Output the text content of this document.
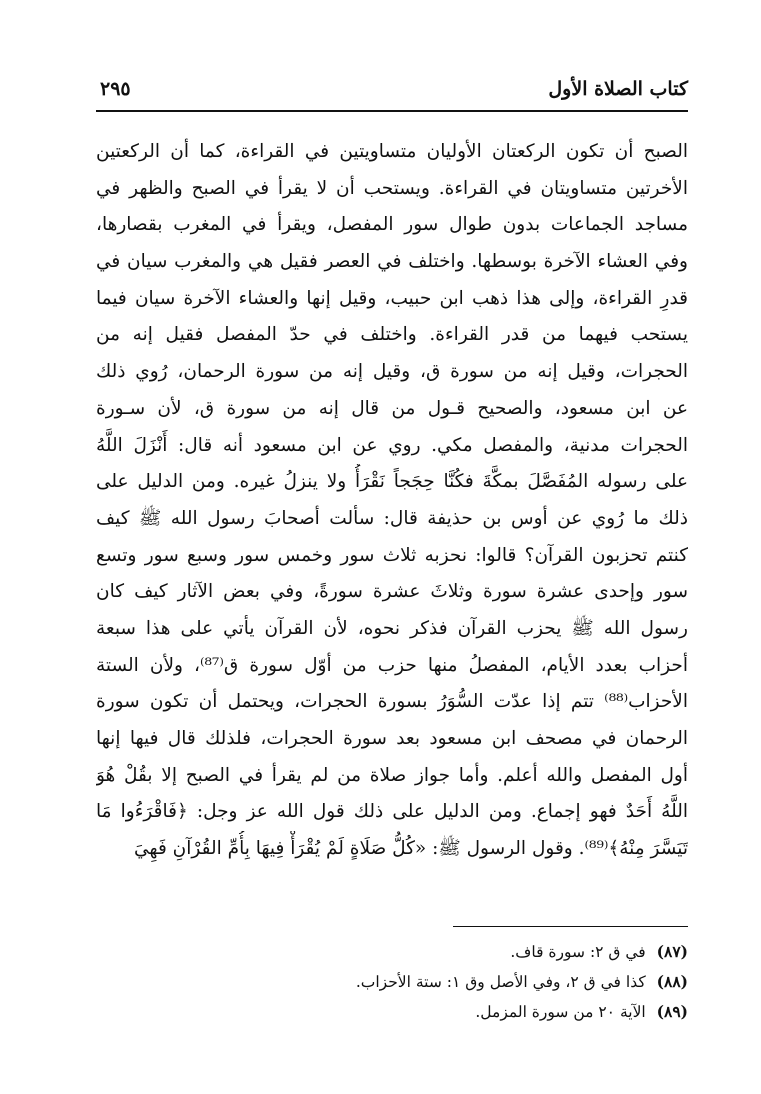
كتاب الصلاة الأول
٢٩٥
الصبح أن تكون الركعتان الأوليان متساويتين في القراءة، كما أن الركعتين
الأخرتين متساويتان في القراءة. ويستحب أن لا يقرأ في الصبح والظهر في
مساجد الجماعات بدون طوال سور المفصل، ويقرأ في المغرب بقصارها،
وفي العشاء الآخرة بوسطها. واختلف في العصر فقيل هي والمغرب سيان في
قدرِ القراءة، وإلى هذا ذهب ابن حبيب، وقيل إنها والعشاء الآخرة سيان فيما
يستحب فيهما من قدر القراءة. واختلف في حدّ المفصل فقيل إنه من
الحجرات، وقيل إنه من سورة ق، وقيل إنه من سورة الرحمان، رُوي ذلك
عن ابن مسعود، والصحيح قـول من قال إنه من سورة ق، لأن سـورة
الحجرات مدنية، والمفصل مكي. روي عن ابن مسعود أنه قال: أَنْزَلَ اللَّهُ
على رسوله المُفَصَّلَ بمكَّةَ فكُنَّا حِجَجاً نَقْرَأُ ولا ينزلُ غيره. ومن الدليل على
ذلك ما رُوي عن أوس بن حذيفة قال: سألت أصحابَ رسول الله ﷺ كيف
كنتم تحزبون القرآن؟ قالوا: نحزبه ثلاث سور وخمس سور وسبع سور وتسع
سور وإحدى عشرة سورة وثلاثَ عشرة سورةً، وفي بعض الآثار كيف كان
رسول الله ﷺ يحزب القرآن فذكر نحوه، لأن القرآن يأتي على هذا سبعة
أحزاب بعدد الأيام، المفصلُ منها حزب من أوّل سورة ق⁽⁸⁷⁾، ولأن الستة
الأحزاب⁽⁸⁸⁾ تتم إذا عدّت السُّوَرُ بسورة الحجرات، ويحتمل أن تكون سورة
الرحمان في مصحف ابن مسعود بعد سورة الحجرات، فلذلك قال فيها إنها
أول المفصل والله أعلم. وأما جواز صلاة من لم يقرأ في الصبح إلا بقُلْ هُوَ
اللَّهُ أَحَدٌ فهو إجماع. ومن الدليل على ذلك قول الله عز وجل: ﴿فَاقْرَءُوا مَا
تَيَسَّرَ مِنْهُ﴾⁽⁸⁹⁾. وقول الرسول ﷺ: «كُلُّ صَلَاةٍ لَمْ يُقْرَأْ فِيهَا بِأُمِّ القُرْآنِ فَهِيَ
(٨٧) في ق ٢: سورة قاف.
(٨٨) كذا في ق ٢، وفي الأصل وق ١: ستة الأحزاب.
(٨٩) الآية ٢٠ من سورة المزمل.
